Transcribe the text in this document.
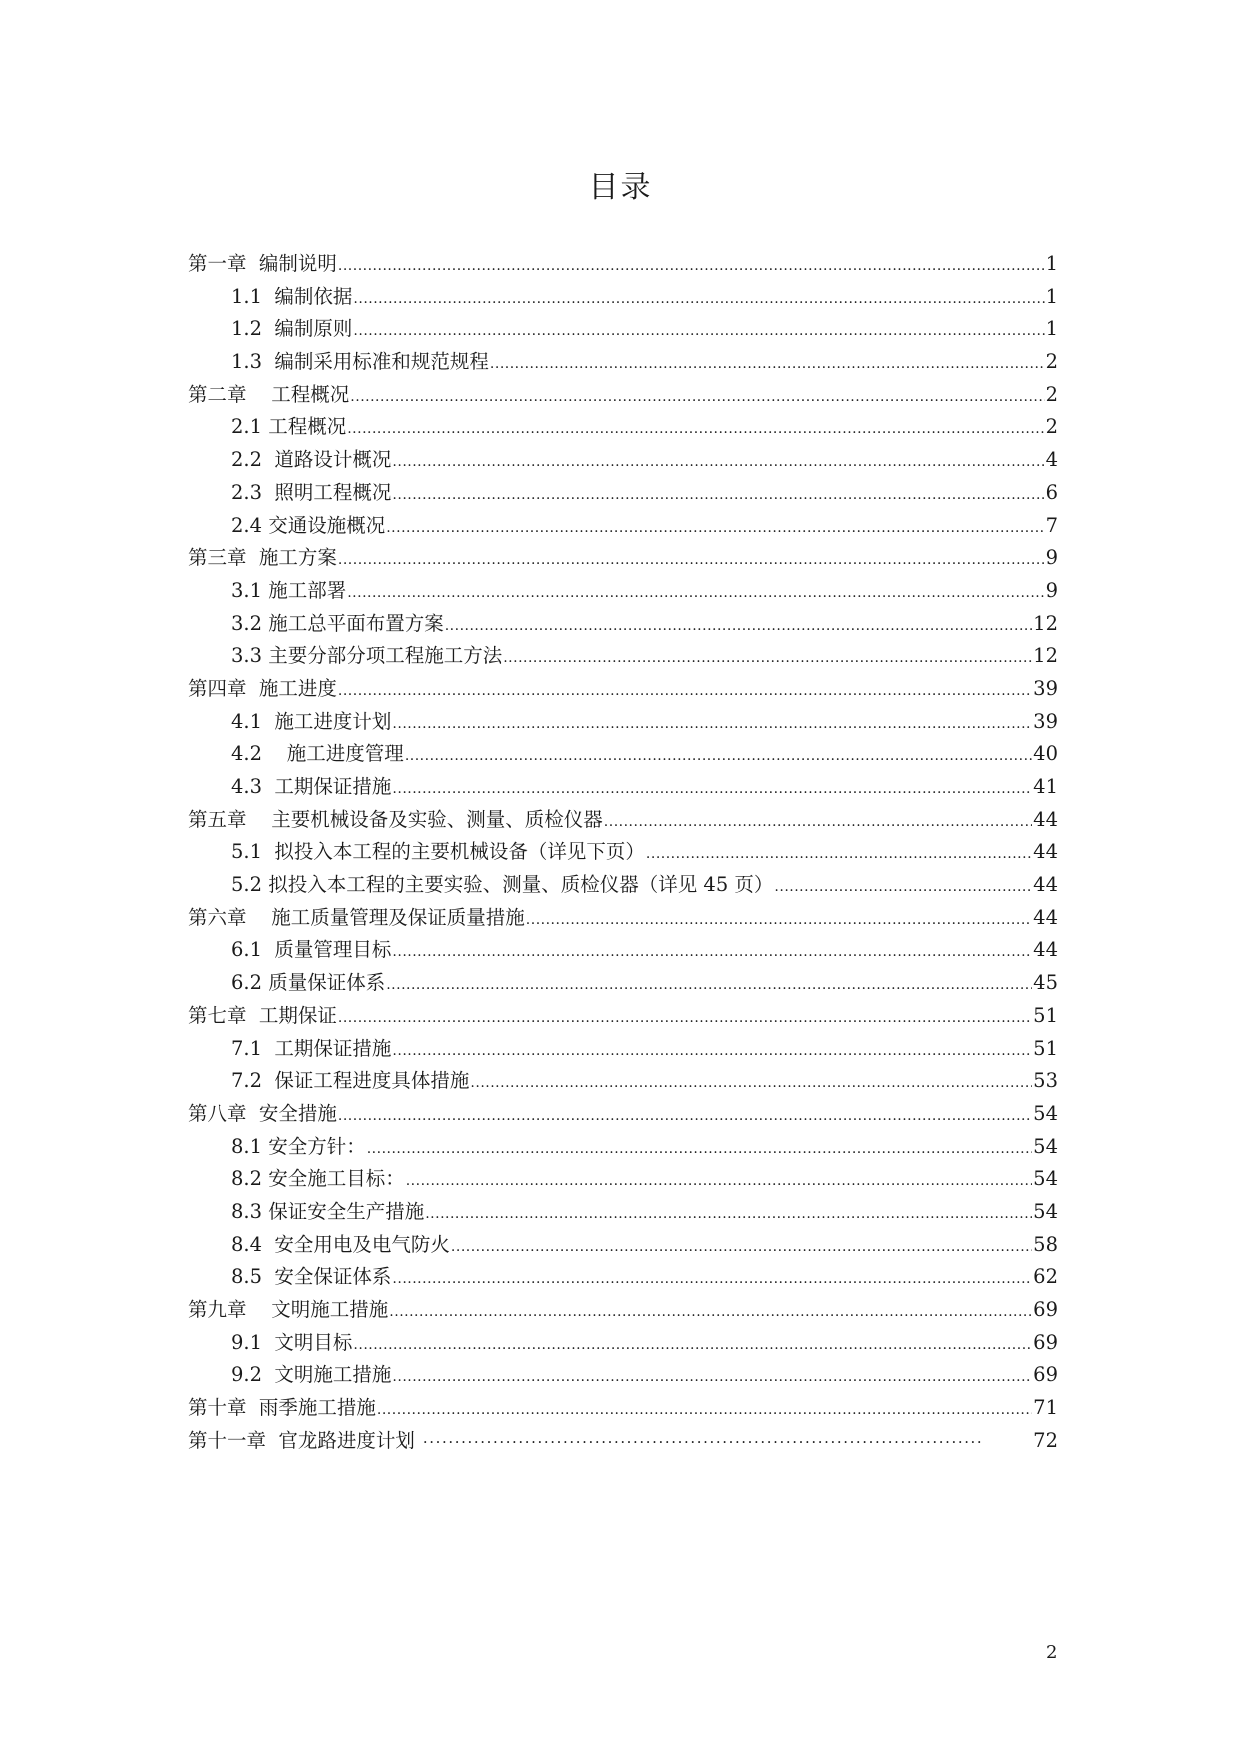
目录
第一章  编制说明 .....	1
1.1  编制依据 .....	1
1.2  编制原则 .....	1
1.3  编制采用标准和规范规程 .....	2
第二章    工程概况 .....	2
2.1 工程概况 .....	2
2.2  道路设计概况 .....	4
2.3  照明工程概况 .....	6
2.4 交通设施概况 .....	7
第三章  施工方案 .....	9
3.1 施工部署 .....	9
3.2 施工总平面布置方案 .....	12
3.3 主要分部分项工程施工方法 .....	12
第四章  施工进度 .....	39
4.1  施工进度计划 .....	39
4.2    施工进度管理 .....	40
4.3  工期保证措施 .....	41
第五章    主要机械设备及实验、测量、质检仪器 .....	44
5.1  拟投入本工程的主要机械设备（详见下页） .....	44
5.2 拟投入本工程的主要实验、测量、质检仪器（详见 45 页） .....	44
第六章    施工质量管理及保证质量措施 .....	44
6.1  质量管理目标 .....	44
6.2 质量保证体系 .....	45
第七章  工期保证 .....	51
7.1  工期保证措施 .....	51
7.2  保证工程进度具体措施 .....	53
第八章  安全措施 .....	54
8.1 安全方针： .....	54
8.2 安全施工目标： .....	54
8.3 保证安全生产措施 .....	54
8.4  安全用电及电气防火 .....	58
8.5  安全保证体系 .....	62
第九章    文明施工措施 .....	69
9.1  文明目标 .....	69
9.2  文明施工措施 .....	69
第十章  雨季施工措施 .....	71
第十一章  官龙路进度计划 ·····	72
2
